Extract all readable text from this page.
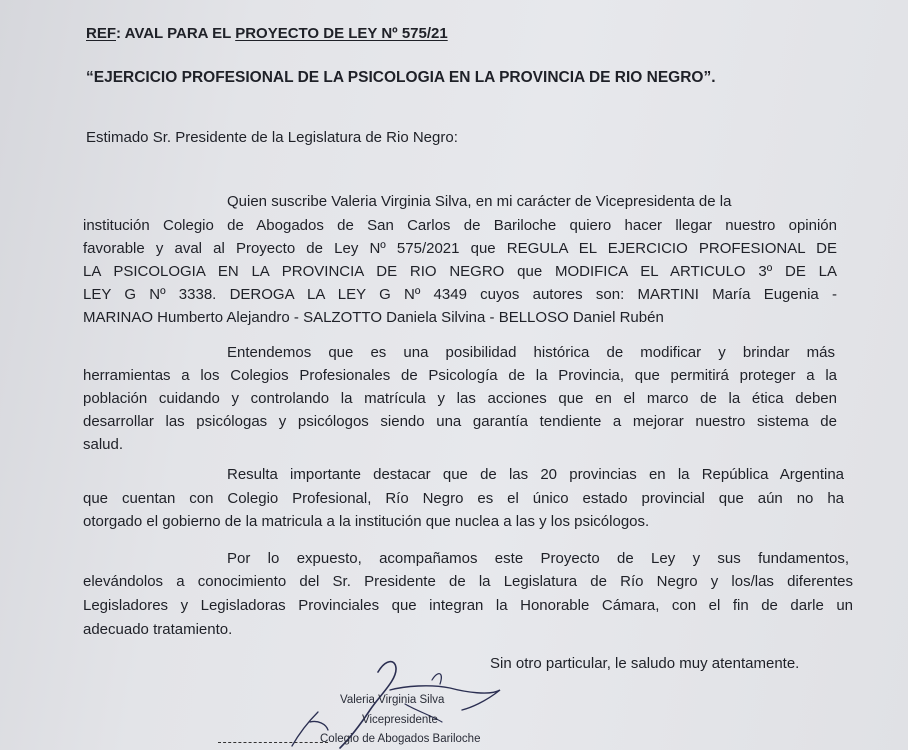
REF: AVAL PARA EL PROYECTO DE LEY Nº 575/21
“EJERCICIO PROFESIONAL DE LA PSICOLOGIA EN LA PROVINCIA DE RIO NEGRO”.
Estimado Sr. Presidente de la Legislatura de Rio Negro:
Quien suscribe Valeria Virginia Silva, en mi carácter de Vicepresidenta de la
institución Colegio de Abogados de San Carlos de Bariloche quiero hacer llegar nuestro opinión
favorable y aval al Proyecto de Ley Nº 575/2021 que REGULA EL EJERCICIO PROFESIONAL DE
LA PSICOLOGIA EN LA PROVINCIA DE RIO NEGRO que MODIFICA EL ARTICULO 3º DE LA
LEY G Nº 3338. DEROGA LA LEY G Nº 4349 cuyos autores son: MARTINI María Eugenia -
MARINAO Humberto Alejandro - SALZOTTO Daniela Silvina - BELLOSO Daniel Rubén
Entendemos que es una posibilidad histórica de modificar y brindar más
herramientas a los Colegios Profesionales de Psicología de la Provincia, que permitirá proteger a la
población cuidando y controlando la matrícula y las acciones que en el marco de la ética deben
desarrollar las psicólogas y psicólogos siendo una garantía tendiente a mejorar nuestro sistema de
salud.
Resulta importante destacar que de las 20 provincias en la República Argentina
que cuentan con Colegio Profesional, Río Negro es el único estado provincial que aún no ha
otorgado el gobierno de la matricula a la institución que nuclea a las y los psicólogos.
Por lo expuesto, acompañamos este Proyecto de Ley y sus fundamentos,
elevándolos a conocimiento del Sr. Presidente de la Legislatura de Río Negro y los/las diferentes
Legisladores y Legisladoras Provinciales que integran la Honorable Cámara, con el fin de darle un
adecuado tratamiento.
Sin otro particular, le saludo muy atentamente.
Valeria Virginia Silva
Vicepresidente
Colegio de Abogados Bariloche
